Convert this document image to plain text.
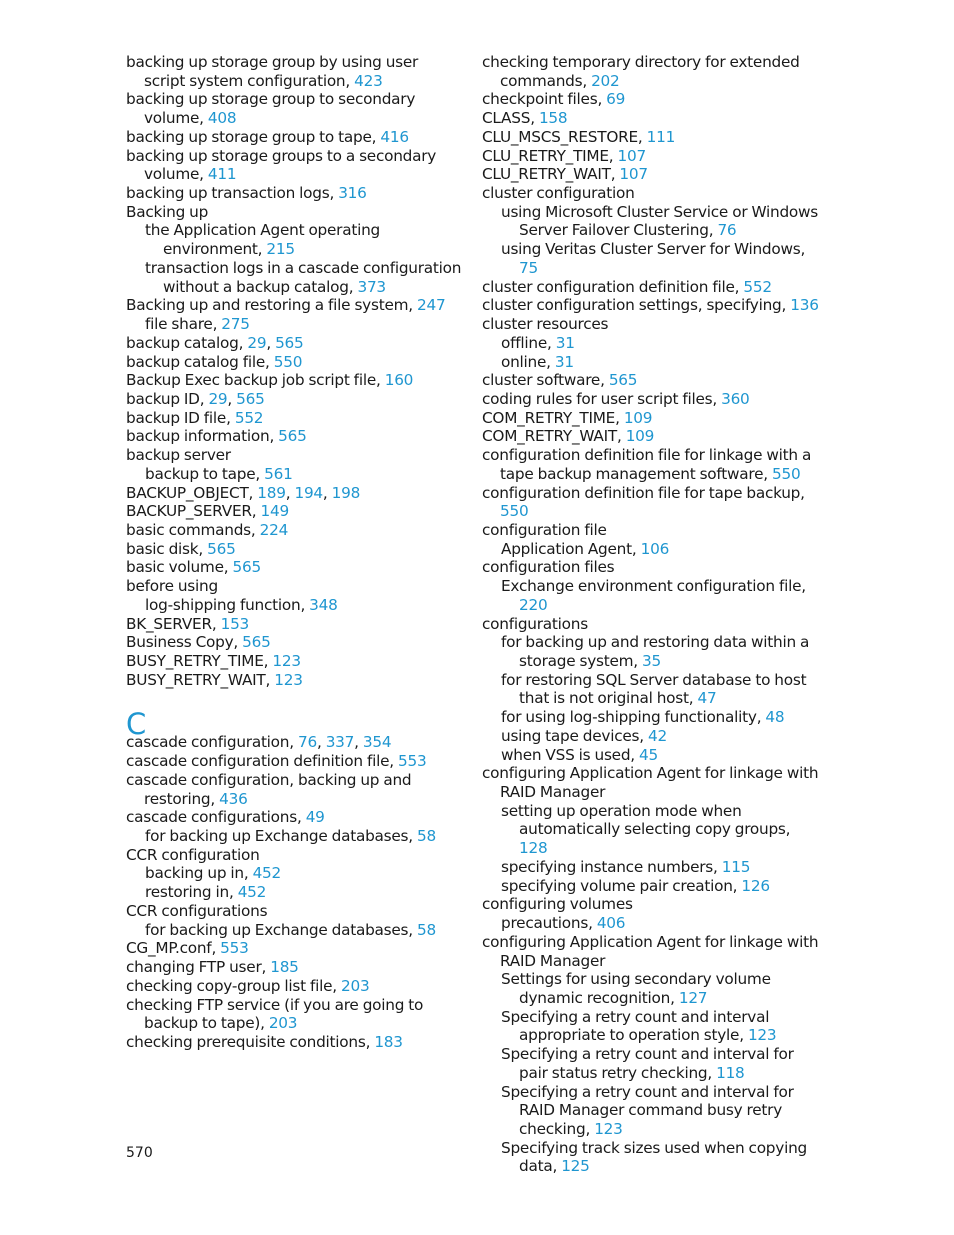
backing up storage group by using user script system configuration, 423

backing up storage group to secondary volume, 408

backing up storage group to tape, 416

backing up storage groups to a secondary volume, 411

backing up transaction logs, 316

Backing up

the Application Agent operating environment, 215

transaction logs in a cascade configuration without a backup catalog, 373

Backing up and restoring a file system, 247

file share, 275

backup catalog, 29, 565

backup catalog file, 550

Backup Exec backup job script file, 160

backup ID, 29, 565

backup ID file, 552

backup information, 565

backup server

backup to tape, 561

BACKUP_OBJECT, 189, 194, 198

BACKUP_SERVER, 149

basic commands, 224

basic disk, 565

basic volume, 565

before using

log-shipping function, 348

BK_SERVER, 153

Business Copy, 565

BUSY_RETRY_TIME, 123

BUSY_RETRY_WAIT, 123

C

cascade configuration, 76, 337, 354

cascade configuration definition file, 553

cascade configuration, backing up and restoring, 436

cascade configurations, 49

for backing up Exchange databases, 58

CCR configuration

backing up in, 452

restoring in, 452

CCR configurations

for backing up Exchange databases, 58

CG_MP.conf, 553

changing FTP user, 185

checking copy-group list file, 203

checking FTP service (if you are going to backup to tape), 203

checking prerequisite conditions, 183

checking temporary directory for extended commands, 202

checkpoint files, 69

CLASS, 158

CLU_MSCS_RESTORE, 111

CLU_RETRY_TIME, 107

CLU_RETRY_WAIT, 107

cluster configuration

using Microsoft Cluster Service or Windows Server Failover Clustering, 76

using Veritas Cluster Server for Windows, 75

cluster configuration definition file, 552

cluster configuration settings, specifying, 136

cluster resources

offline, 31

online, 31

cluster software, 565

coding rules for user script files, 360

COM_RETRY_TIME, 109

COM_RETRY_WAIT, 109

configuration definition file for linkage with a tape backup management software, 550

configuration definition file for tape backup, 550

configuration file

Application Agent, 106

configuration files

Exchange environment configuration file, 220

configurations

for backing up and restoring data within a storage system, 35

for restoring SQL Server database to host that is not original host, 47

for using log-shipping functionality, 48

using tape devices, 42

when VSS is used, 45

configuring Application Agent for linkage with RAID Manager

setting up operation mode when automatically selecting copy groups, 128

specifying instance numbers, 115

specifying volume pair creation, 126

configuring volumes

precautions, 406

configuring Application Agent for linkage with RAID Manager

Settings for using secondary volume dynamic recognition, 127

Specifying a retry count and interval appropriate to operation style, 123

Specifying a retry count and interval for pair status retry checking, 118

Specifying a retry count and interval for RAID Manager command busy retry checking, 123

Specifying track sizes used when copying data, 125

570
